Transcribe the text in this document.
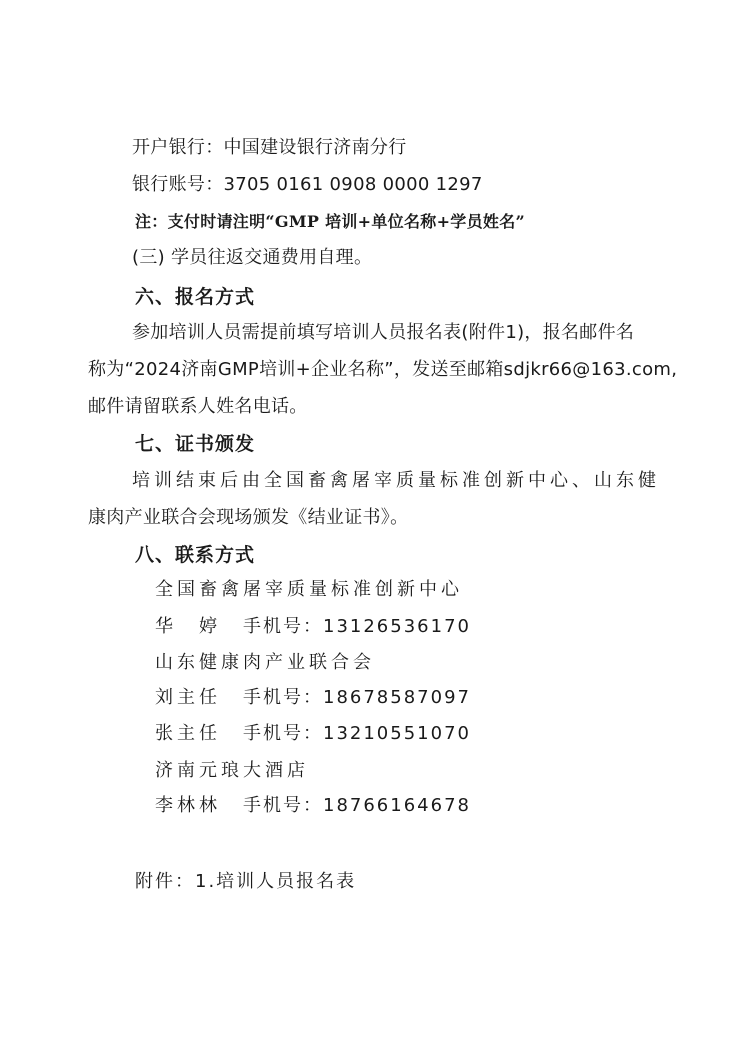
开户银行：中国建设银行济南分行
银行账号：3705 0161 0908 0000 1297
注：支付时请注明“GMP 培训+单位名称+学员姓名”
(三) 学员往返交通费用自理。
六、报名方式
参加培训人员需提前填写培训人员报名表(附件1)，报名邮件名
称为“2024济南GMP培训+企业名称”，发送至邮箱sdjkr66@163.com,
邮件请留联系人姓名电话。
七、证书颁发
培训结束后由全国畜禽屠宰质量标准创新中心、山东健
康肉产业联合会现场颁发《结业证书》。
八、联系方式
全国畜禽屠宰质量标准创新中心
华　婷 手机号：13126536170
山东健康肉产业联合会
刘主任 手机号：18678587097
张主任 手机号：13210551070
济南元琅大酒店
李林林 手机号：18766164678
附件：1.培训人员报名表
